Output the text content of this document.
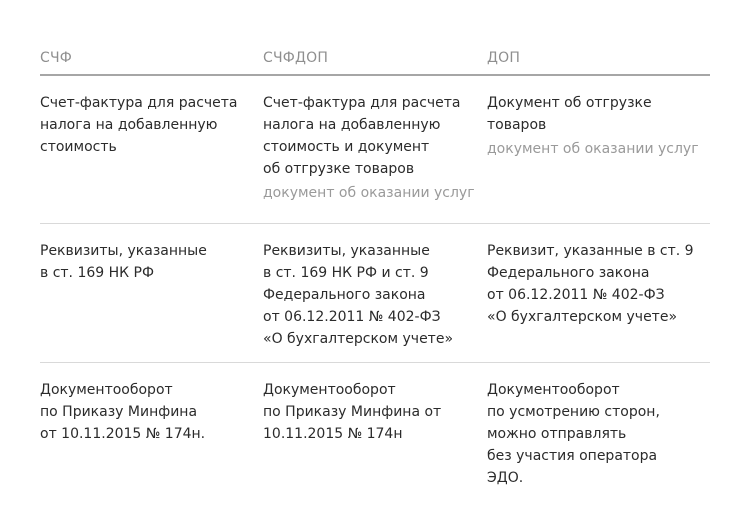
СЧФ	СЧФДОП	ДОП
Счет-фактура для расчета
налога на добавленную
стоимость
Счет-фактура для расчета
налога на добавленную
стоимость и документ
об отгрузке товаров
документ об оказании услуг
Документ об отгрузке
товаров
документ об оказании услуг
Реквизиты, указанные
в ст. 169 НК РФ
Реквизиты, указанные
в ст. 169 НК РФ и ст. 9
Федерального закона
от 06.12.2011 № 402-ФЗ
«О бухгалтерском учете»
Реквизит, указанные в ст. 9
Федерального закона
от 06.12.2011 № 402-ФЗ
«О бухгалтерском учете»
Документооборот
по Приказу Минфина
от 10.11.2015 № 174н.
Документооборот
по Приказу Минфина от
10.11.2015 № 174н
Документооборот
по усмотрению сторон,
можно отправлять
без участия оператора
ЭДО.
